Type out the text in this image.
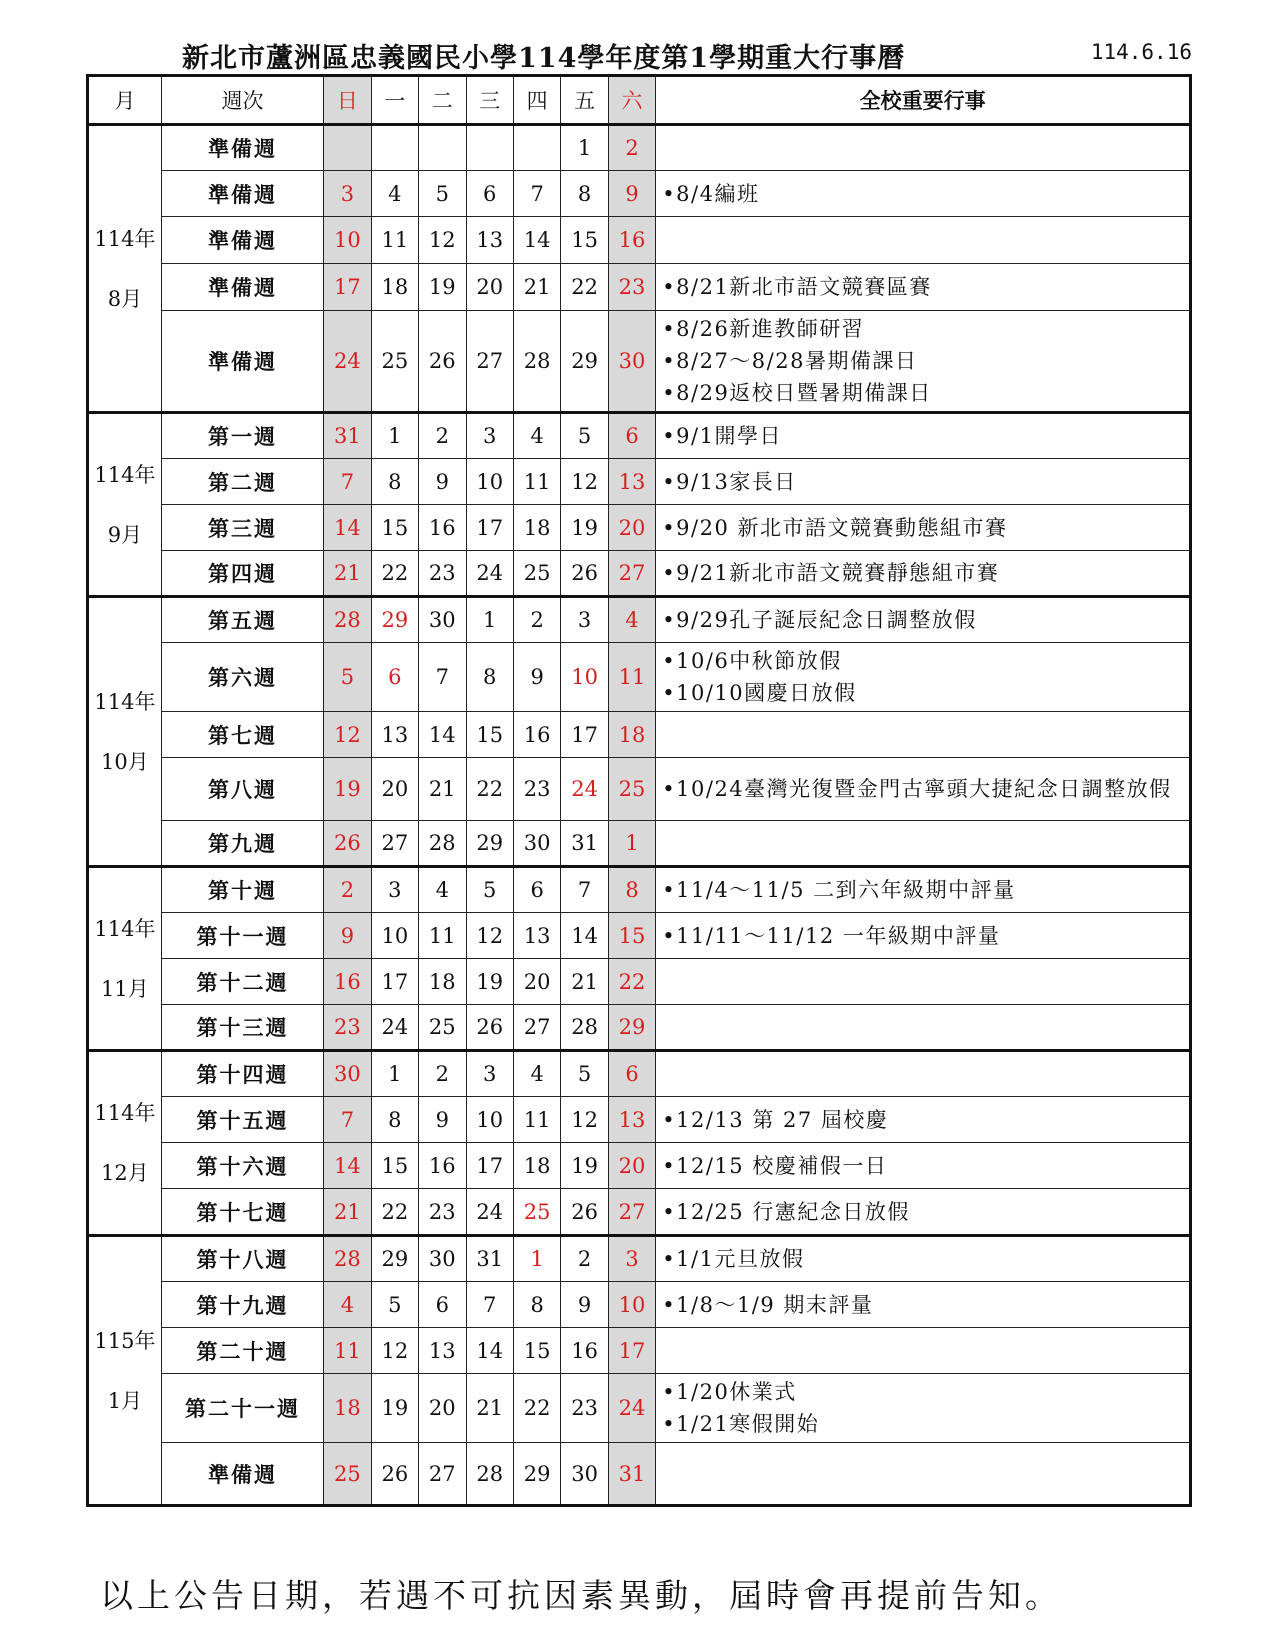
新北市蘆洲區忠義國民小學114學年度第1學期重大行事曆	114.6.16
月	週次	日	一	二	三	四	五	六	全校重要行事

114年
8月	準備週						1	2	
	準備週	3	4	5	6	7	8	9	•8/4編班

	準備週	10	11	12	13	14	15	16	
	準備週	17	18	19	20	21	22	23	•8/21新北市語文競賽區賽

	準備週	24	25	26	27	28	29	30	•8/26新進教師研習
•8/27～8/28暑期備課日
•8/29返校日暨暑期備課日

114年
9月	第一週	31	1	2	3	4	5	6	•9/1開學日

	第二週	7	8	9	10	11	12	13	•9/13家長日

	第三週	14	15	16	17	18	19	20	•9/20 新北市語文競賽動態組市賽

	第四週	21	22	23	24	25	26	27	•9/21新北市語文競賽靜態組市賽

114年
10月	第五週	28	29	30	1	2	3	4	•9/29孔子誕辰紀念日調整放假

	第六週	5	6	7	8	9	10	11	•10/6中秋節放假
•10/10國慶日放假

	第七週	12	13	14	15	16	17	18	
	第八週	19	20	21	22	23	24	25	•10/24臺灣光復暨金門古寧頭大捷紀念日調整放假

	第九週	26	27	28	29	30	31	1	

114年
11月	第十週	2	3	4	5	6	7	8	•11/4～11/5 二到六年級期中評量

	第十一週	9	10	11	12	13	14	15	•11/11～11/12 一年級期中評量

	第十二週	16	17	18	19	20	21	22	
	第十三週	23	24	25	26	27	28	29	

114年
12月	第十四週	30	1	2	3	4	5	6	
	第十五週	7	8	9	10	11	12	13	•12/13 第 27 屆校慶

	第十六週	14	15	16	17	18	19	20	•12/15 校慶補假一日

	第十七週	21	22	23	24	25	26	27	•12/25 行憲紀念日放假

115年
1月	第十八週	28	29	30	31	1	2	3	•1/1元旦放假

	第十九週	4	5	6	7	8	9	10	•1/8～1/9 期末評量

	第二十週	11	12	13	14	15	16	17	
	第二十一週	18	19	20	21	22	23	24	•1/20休業式
•1/21寒假開始

	準備週	25	26	27	28	29	30	31	
以上公告日期，若遇不可抗因素異動，屆時會再提前告知。
